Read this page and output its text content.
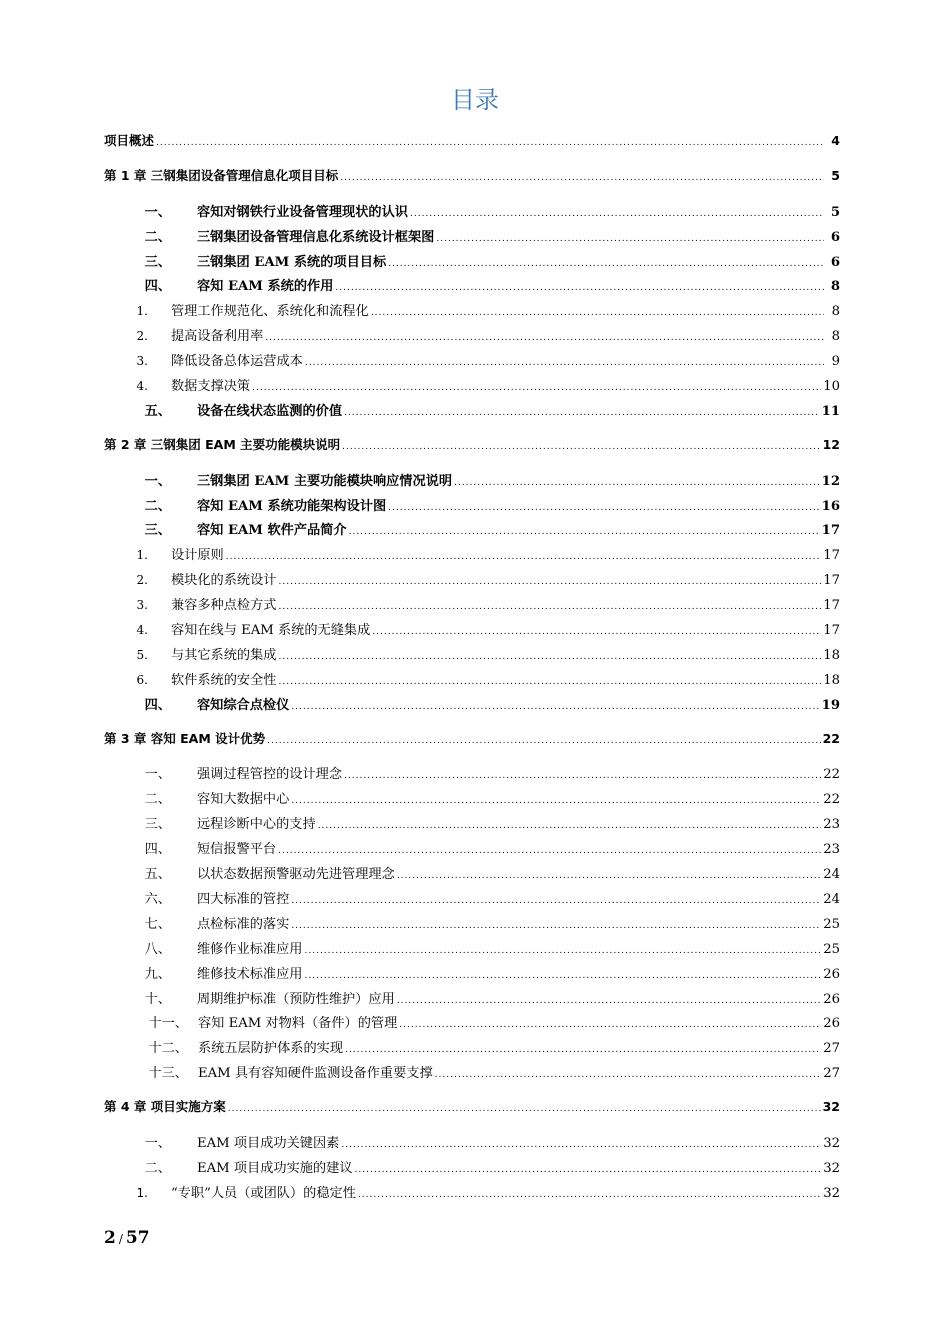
目录
项目概述 .....	4
第 1 章 三钢集团设备管理信息化项目目标 .....	5
一、 容知对钢铁行业设备管理现状的认识 .....	5
二、 三钢集团设备管理信息化系统设计框架图 .....	6
三、 三钢集团 EAM 系统的项目目标 .....	6
四、 容知 EAM 系统的作用 .....	8
1. 管理工作规范化、系统化和流程化 .....	8
2. 提高设备利用率 .....	8
3. 降低设备总体运营成本 .....	9
4. 数据支撑决策 .....	10
五、 设备在线状态监测的价值 .....	11
第 2 章 三钢集团 EAM 主要功能模块说明 .....	12
一、 三钢集团 EAM 主要功能模块响应情况说明 .....	12
二、 容知 EAM 系统功能架构设计图 .....	16
三、 容知 EAM 软件产品简介 .....	17
1. 设计原则 .....	17
2. 模块化的系统设计 .....	17
3. 兼容多种点检方式 .....	17
4. 容知在线与 EAM 系统的无缝集成 .....	17
5. 与其它系统的集成 .....	18
6. 软件系统的安全性 .....	18
四、 容知综合点检仪 .....	19
第 3 章 容知 EAM 设计优势 .....	22
一、 强调过程管控的设计理念 .....	22
二、 容知大数据中心 .....	22
三、 远程诊断中心的支持 .....	23
四、 短信报警平台 .....	23
五、 以状态数据预警驱动先进管理理念 .....	24
六、 四大标准的管控 .....	24
七、 点检标准的落实 .....	25
八、 维修作业标准应用 .....	25
九、 维修技术标准应用 .....	26
十、 周期维护标准（预防性维护）应用 .....	26
十一、 容知 EAM 对物料（备件）的管理 .....	26
十二、 系统五层防护体系的实现 .....	27
十三、 EAM 具有容知硬件监测设备作重要支撑 .....	27
第 4 章 项目实施方案 .....	32
一、 EAM 项目成功关键因素 .....	32
二、 EAM 项目成功实施的建议 .....	32
1. “专职”人员（或团队）的稳定性 .....	32
2 / 57
